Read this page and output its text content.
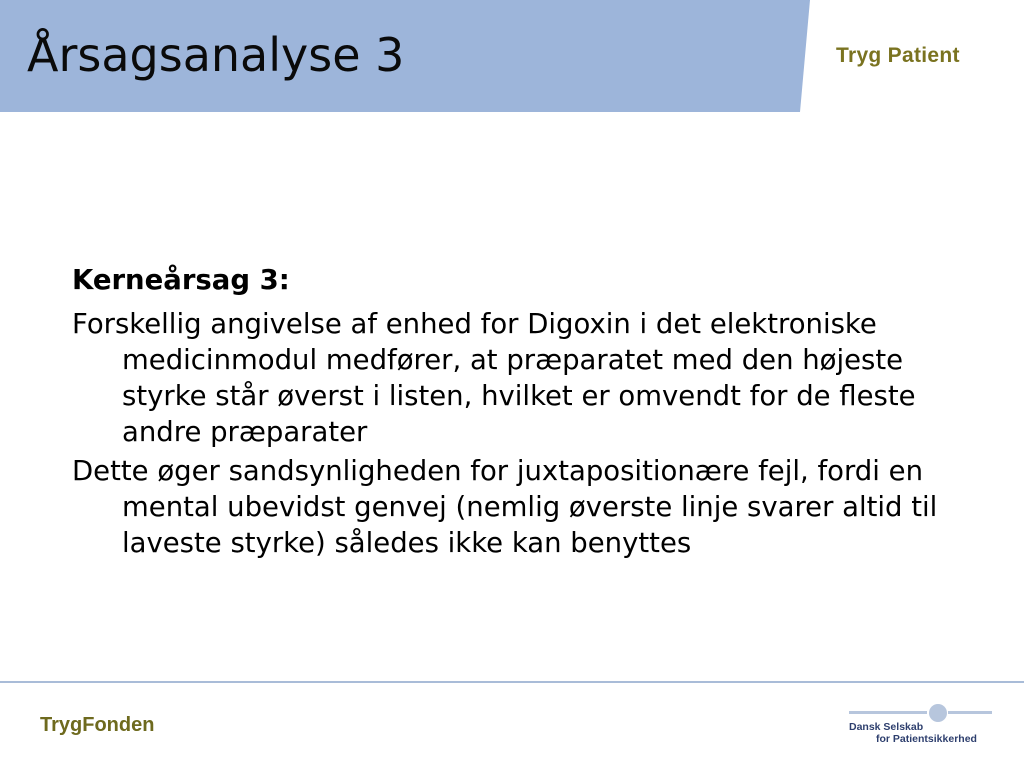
Årsagsanalyse 3	Tryg Patient
Kerneårsag 3:

Forskellig angivelse af enhed for Digoxin i det elektroniske medicinmodul medfører, at præparatet med den højeste styrke står øverst i listen, hvilket er omvendt for de fleste andre præparater

Dette øger sandsynligheden for juxtapositionære fejl, fordi en mental ubevidst genvej (nemlig øverste linje svarer altid til laveste styrke) således ikke kan benyttes

TrygFonden	Dansk Selskab
for Patientsikkerhed
